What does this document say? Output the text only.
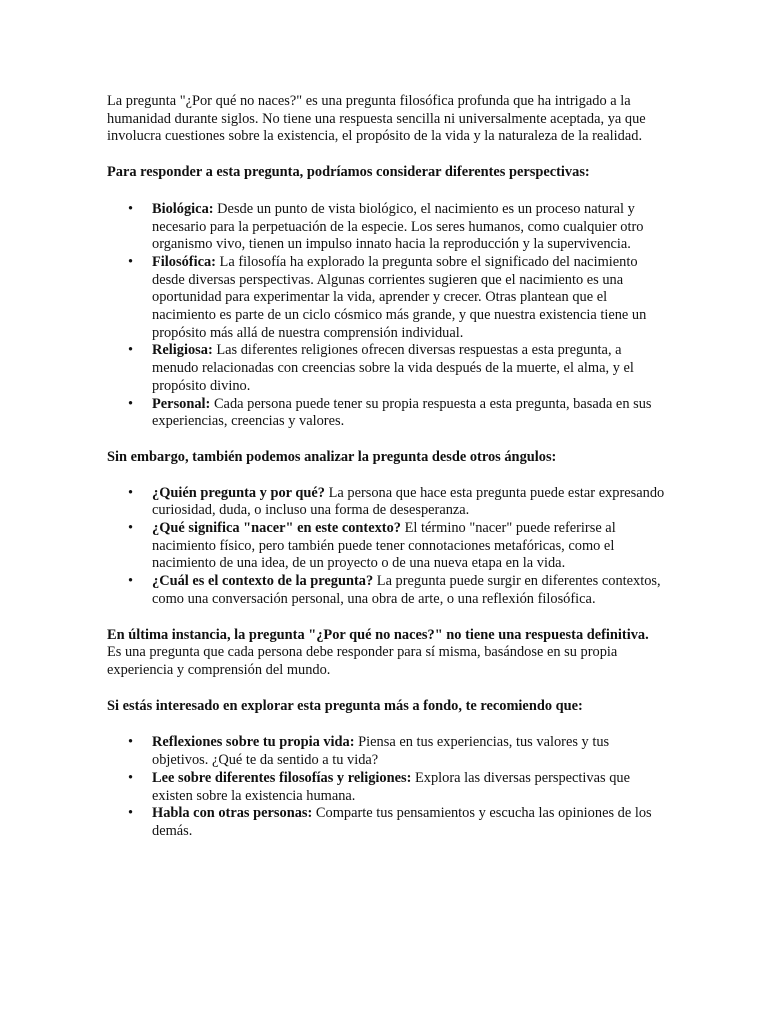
La pregunta "¿Por qué no naces?" es una pregunta filosófica profunda que ha intrigado a la humanidad durante siglos. No tiene una respuesta sencilla ni universalmente aceptada, ya que involucra cuestiones sobre la existencia, el propósito de la vida y la naturaleza de la realidad.

Para responder a esta pregunta, podríamos considerar diferentes perspectivas:

• Biológica: Desde un punto de vista biológico, el nacimiento es un proceso natural y necesario para la perpetuación de la especie. Los seres humanos, como cualquier otro organismo vivo, tienen un impulso innato hacia la reproducción y la supervivencia.
• Filosófica: La filosofía ha explorado la pregunta sobre el significado del nacimiento desde diversas perspectivas. Algunas corrientes sugieren que el nacimiento es una oportunidad para experimentar la vida, aprender y crecer. Otras plantean que el nacimiento es parte de un ciclo cósmico más grande, y que nuestra existencia tiene un propósito más allá de nuestra comprensión individual.
• Religiosa: Las diferentes religiones ofrecen diversas respuestas a esta pregunta, a menudo relacionadas con creencias sobre la vida después de la muerte, el alma, y el propósito divino.
• Personal: Cada persona puede tener su propia respuesta a esta pregunta, basada en sus experiencias, creencias y valores.

Sin embargo, también podemos analizar la pregunta desde otros ángulos:

• ¿Quién pregunta y por qué? La persona que hace esta pregunta puede estar expresando curiosidad, duda, o incluso una forma de desesperanza.
• ¿Qué significa "nacer" en este contexto? El término "nacer" puede referirse al nacimiento físico, pero también puede tener connotaciones metafóricas, como el nacimiento de una idea, de un proyecto o de una nueva etapa en la vida.
• ¿Cuál es el contexto de la pregunta? La pregunta puede surgir en diferentes contextos, como una conversación personal, una obra de arte, o una reflexión filosófica.

En última instancia, la pregunta "¿Por qué no naces?" no tiene una respuesta definitiva. Es una pregunta que cada persona debe responder para sí misma, basándose en su propia experiencia y comprensión del mundo.

Si estás interesado en explorar esta pregunta más a fondo, te recomiendo que:

• Reflexiones sobre tu propia vida: Piensa en tus experiencias, tus valores y tus objetivos. ¿Qué te da sentido a tu vida?
• Lee sobre diferentes filosofías y religiones: Explora las diversas perspectivas que existen sobre la existencia humana.
• Habla con otras personas: Comparte tus pensamientos y escucha las opiniones de los demás.
